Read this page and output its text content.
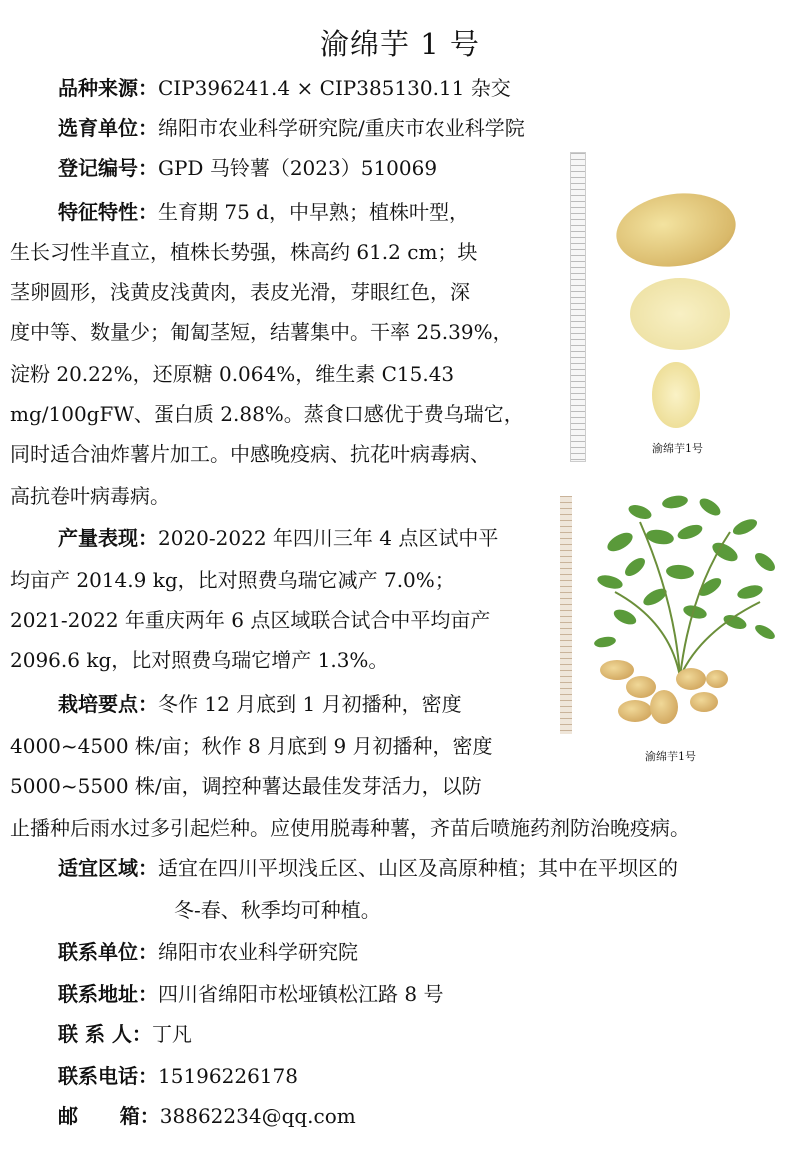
渝绵芋 1 号
品种来源：CIP396241.4 × CIP385130.11 杂交
选育单位：绵阳市农业科学研究院/重庆市农业科学院
登记编号：GPD 马铃薯（2023）510069
特征特性：生育期 75 d，中早熟；植株叶型，
生长习性半直立，植株长势强，株高约 61.2 cm；块
茎卵圆形，浅黄皮浅黄肉，表皮光滑，芽眼红色，深
度中等、数量少；匍匐茎短，结薯集中。干率 25.39%，
淀粉 20.22%，还原糖 0.064%，维生素 C15.43
mg/100gFW、蛋白质 2.88%。蒸食口感优于费乌瑞它，
同时适合油炸薯片加工。中感晚疫病、抗花叶病毒病、
高抗卷叶病毒病。
产量表现：2020-2022 年四川三年 4 点区试中平
均亩产 2014.9 kg，比对照费乌瑞它减产 7.0%；
2021-2022 年重庆两年 6 点区域联合试合中平均亩产
2096.6 kg，比对照费乌瑞它增产 1.3%。
栽培要点：冬作 12 月底到 1 月初播种，密度
4000~4500 株/亩；秋作 8 月底到 9 月初播种，密度
5000~5500 株/亩，调控种薯达最佳发芽活力，以防
止播种后雨水过多引起烂种。应使用脱毒种薯，齐苗后喷施药剂防治晚疫病。
适宜区域：适宜在四川平坝浅丘区、山区及高原种植；其中在平坝区的
冬-春、秋季均可种植。
联系单位：绵阳市农业科学研究院
联系地址：四川省绵阳市松垭镇松江路 8 号
联 系 人：丁凡
联系电话：15196226178
邮      箱：38862234@qq.com
渝绵芋1号
渝绵芋1号
